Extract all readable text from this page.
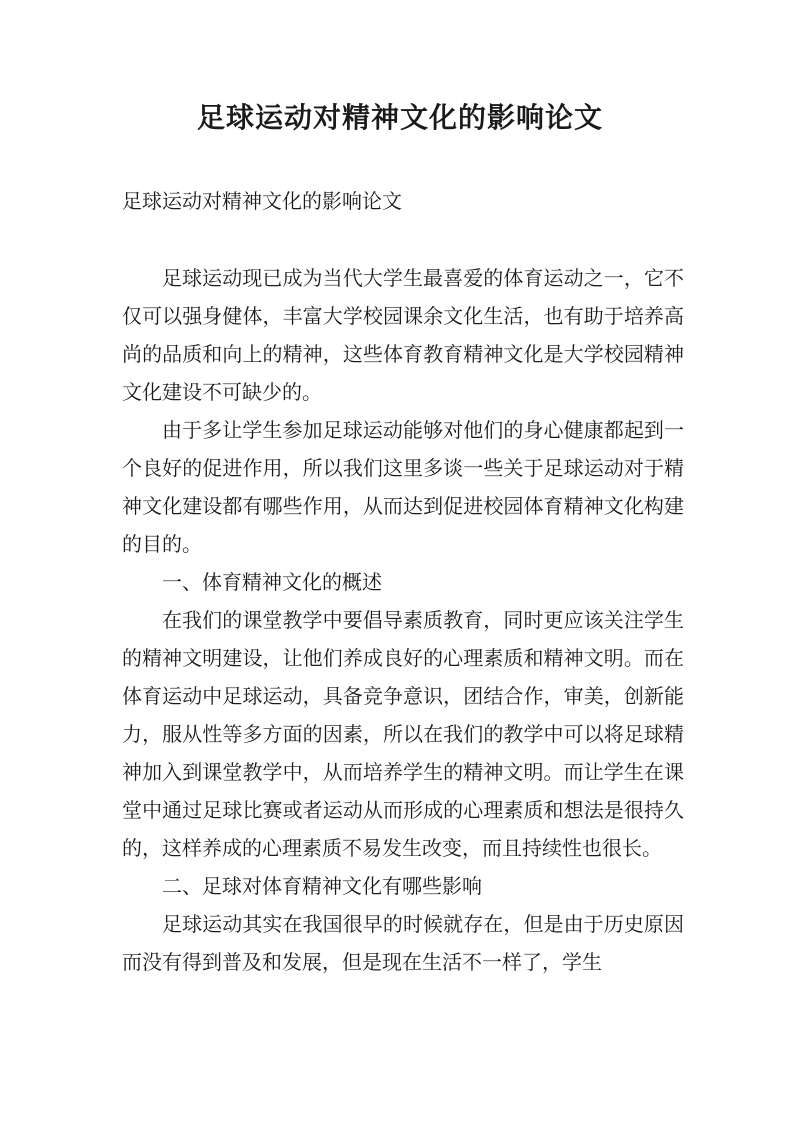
足球运动对精神文化的影响论文

足球运动对精神文化的影响论文

足球运动现已成为当代大学生最喜爱的体育运动之一，它不仅可以强身健体，丰富大学校园课余文化生活，也有助于培养高尚的品质和向上的精神，这些体育教育精神文化是大学校园精神文化建设不可缺少的。

由于多让学生参加足球运动能够对他们的身心健康都起到一个良好的促进作用，所以我们这里多谈一些关于足球运动对于精神文化建设都有哪些作用，从而达到促进校园体育精神文化构建的目的。

一、体育精神文化的概述

在我们的课堂教学中要倡导素质教育，同时更应该关注学生的精神文明建设，让他们养成良好的心理素质和精神文明。而在体育运动中足球运动，具备竞争意识，团结合作，审美，创新能力，服从性等多方面的因素，所以在我们的教学中可以将足球精神加入到课堂教学中，从而培养学生的精神文明。而让学生在课堂中通过足球比赛或者运动从而形成的心理素质和想法是很持久的，这样养成的心理素质不易发生改变，而且持续性也很长。

二、足球对体育精神文化有哪些影响

足球运动其实在我国很早的时候就存在，但是由于历史原因而没有得到普及和发展，但是现在生活不一样了，学生
